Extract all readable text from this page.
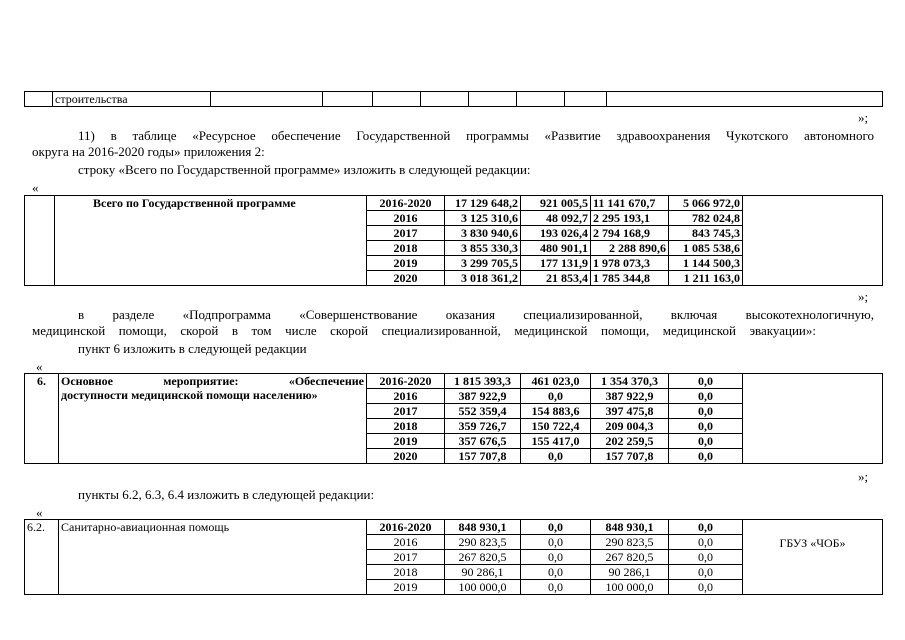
	строительства								
»;
11) в таблице «Ресурсное обеспечение Государственной программы «Развитие здравоохранения Чукотского автономного
округа на 2016-2020 годы» приложения 2:
строку «Всего по Государственной программе» изложить в следующей редакции:
«
	Всего по Государственной программе	2016-2020	17 129 648,2	921 005,5	11 141 670,7	5 066 972,0	
		2016	3 125 310,6	48 092,7	2 295 193,1	782 024,8	
		2017	3 830 940,6	193 026,4	2 794 168,9	843 745,3	
		2018	3 855 330,3	480 901,1	2 288 890,6	1 085 538,6	
		2019	3 299 705,5	177 131,9	1 978 073,3	1 144 500,3	
		2020	3 018 361,2	21 853,4	1 785 344,8	1 211 163,0	
»;
в разделе «Подпрограмма «Совершенствование оказания специализированной, включая высокотехнологичную,
медицинской помощи, скорой в том числе скорой специализированной, медицинской помощи, медицинской эвакуации»:
пункт 6 изложить в следующей редакции
«
6.	Основное мероприятие: «Обеспечение
доступности медицинской помощи населению»	2016-2020	1 815 393,3	461 023,0	1 354 370,3	0,0	
		2016	387 922,9	0,0	387 922,9	0,0	
		2017	552 359,4	154 883,6	397 475,8	0,0	
		2018	359 726,7	150 722,4	209 004,3	0,0	
		2019	357 676,5	155 417,0	202 259,5	0,0	
		2020	157 707,8	0,0	157 707,8	0,0	
»;
пункты 6.2, 6.3, 6.4 изложить в следующей редакции:
«
6.2.	Санитарно-авиационная помощь	2016-2020	848 930,1	0,0	848 930,1	0,0	ГБУЗ «ЧОБ»
		2016	290 823,5	0,0	290 823,5	0,0	
		2017	267 820,5	0,0	267 820,5	0,0	
		2018	90 286,1	0,0	90 286,1	0,0	
		2019	100 000,0	0,0	100 000,0	0,0	
